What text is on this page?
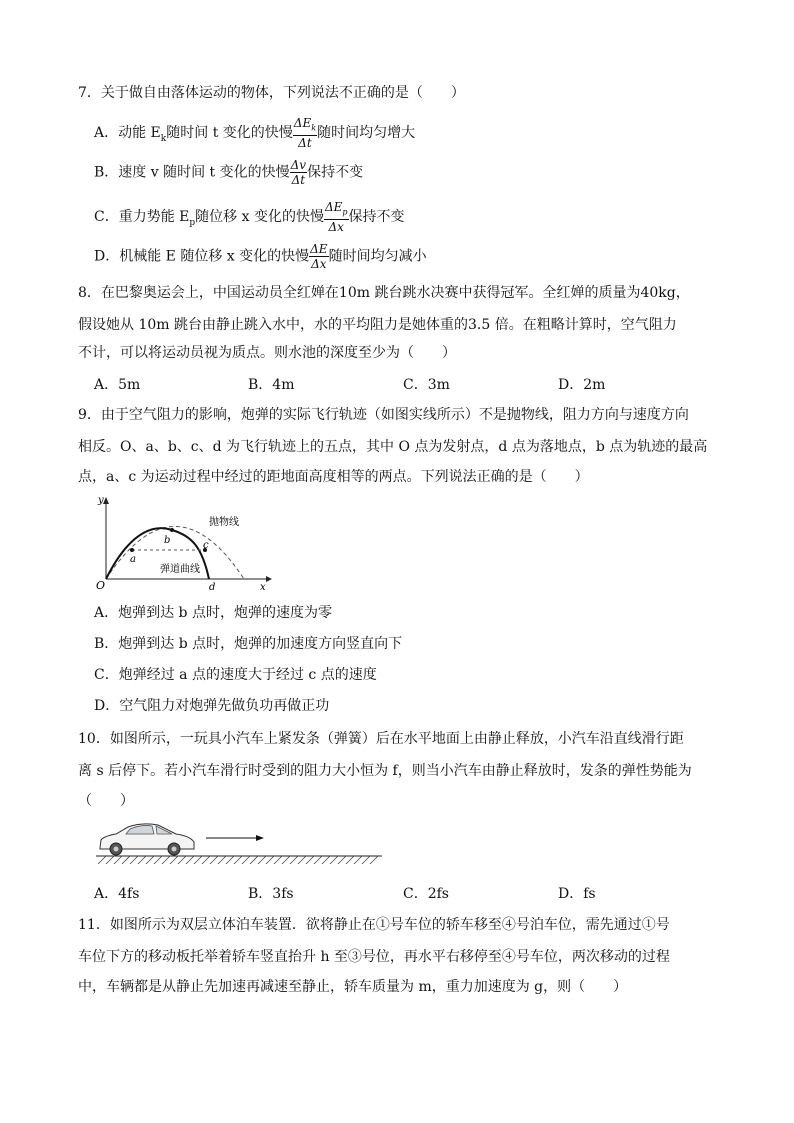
7．关于做自由落体运动的物体，下列说法不正确的是（　　）
A．动能 $E_k$随时间 t 变化的快慢 $\frac{\Delta E_k}{\Delta t}$ 随时间均匀增大
B．速度 v 随时间 t 变化的快慢 $\frac{\Delta v}{\Delta t}$ 保持不变
C．重力势能 $E_p$随位移 x 变化的快慢 $\frac{\Delta E_p}{\Delta x}$ 保持不变
D．机械能 E 随位移 x 变化的快慢 $\frac{\Delta E}{\Delta x}$ 随时间均匀减小
8．在巴黎奥运会上，中国运动员全红婵在10m 跳台跳水决赛中获得冠军。全红婵的质量为40kg，
假设她从 10m 跳台由静止跳入水中，水的平均阻力是她体重的3.5 倍。在粗略计算时，空气阻力
不计，可以将运动员视为质点。则水池的深度至少为（　　）
A．5m	B．4m	C．3m	D．2m
9．由于空气阻力的影响，炮弹的实际飞行轨迹（如图实线所示）不是抛物线，阻力方向与速度方向
相反。O、a、b、c、d 为飞行轨迹上的五点，其中 O 点为发射点，d 点为落地点，b 点为轨迹的最高
点，a、c 为运动过程中经过的距地面高度相等的两点。下列说法正确的是（　　）
y
x
O
a
b	c
d
抛物线
弹道曲线
A．炮弹到达 b 点时，炮弹的速度为零
B．炮弹到达 b 点时，炮弹的加速度方向竖直向下
C．炮弹经过 a 点的速度大于经过 c 点的速度
D．空气阻力对炮弹先做负功再做正功
10．如图所示，一玩具小汽车上紧发条（弹簧）后在水平地面上由静止释放，小汽车沿直线滑行距
离 s 后停下。若小汽车滑行时受到的阻力大小恒为 f，则当小汽车由静止释放时，发条的弹性势能为
（　　）
A．4fs	B．3fs	C．2fs	D．fs
11．如图所示为双层立体泊车装置．欲将静止在①号车位的轿车移至④号泊车位，需先通过①号
车位下方的移动板托举着轿车竖直抬升 h 至③号位，再水平右移停至④号车位，两次移动的过程
中，车辆都是从静止先加速再减速至静止，轿车质量为 m，重力加速度为 g，则（　　）
